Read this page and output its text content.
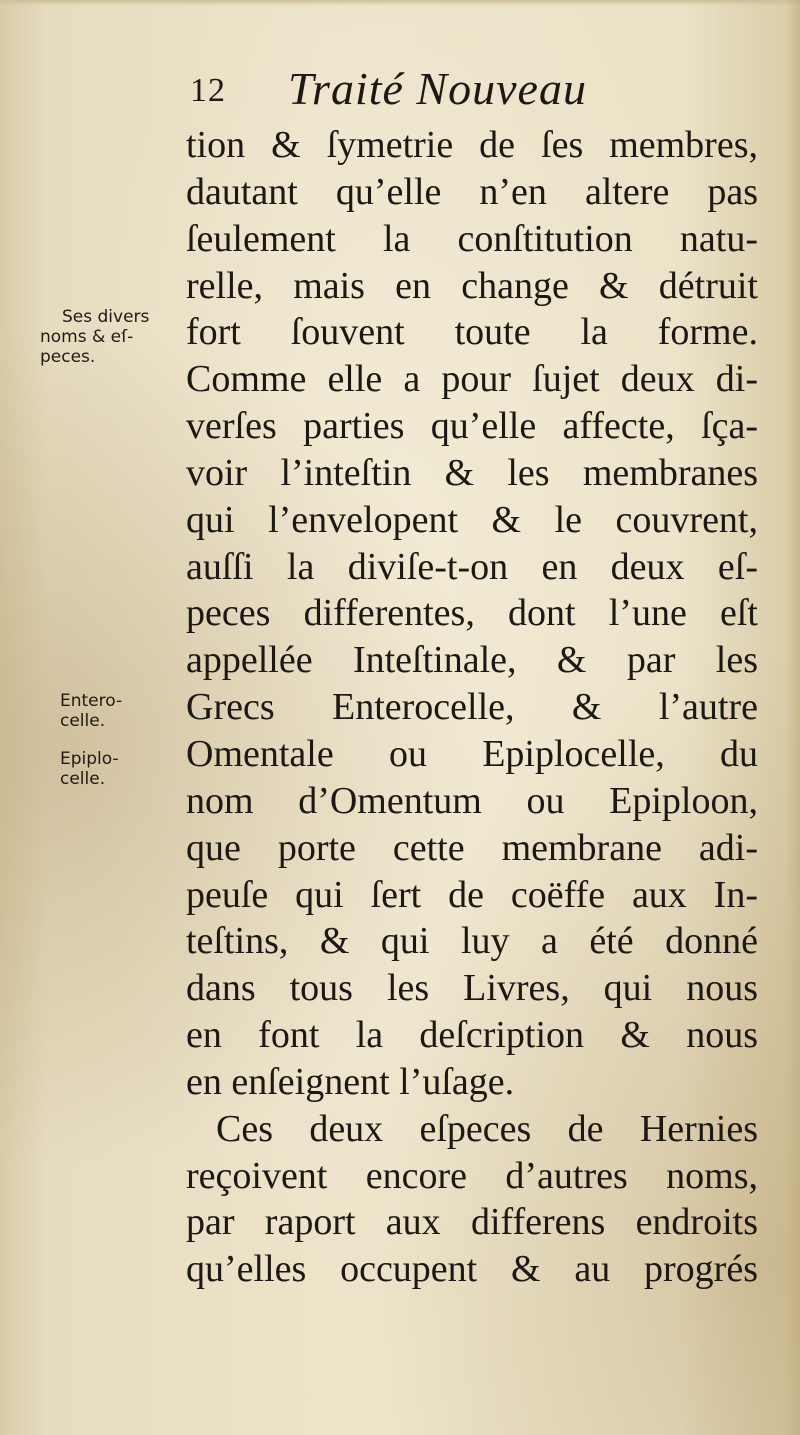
12 Traité Nouveau
Ses divers
noms & eſ-
peces.
Entero-
celle.
Epiplo-
celle.
tion & ſymetrie de ſes membres,
dautant qu’elle n’en altere pas
ſeulement la conſtitution natu-
relle, mais en change & détruit
fort ſouvent toute la forme.
Comme elle a pour ſujet deux di-
verſes parties qu’elle affecte, ſça-
voir l’inteſtin & les membranes
qui l’envelopent & le couvrent,
auſſi la diviſe-t-on en deux eſ-
peces differentes, dont l’une eſt
appellée Inteſtinale, & par les
Grecs Enterocelle, & l’autre
Omentale ou Epiplocelle, du
nom d’Omentum ou Epiploon,
que porte cette membrane adi-
peuſe qui ſert de coëffe aux In-
teſtins, & qui luy a été donné
dans tous les Livres, qui nous
en font la deſcription & nous
en enſeignent l’uſage.
Ces deux eſpeces de Hernies
reçoivent encore d’autres noms,
par raport aux differens endroits
qu’elles occupent & au progrés
